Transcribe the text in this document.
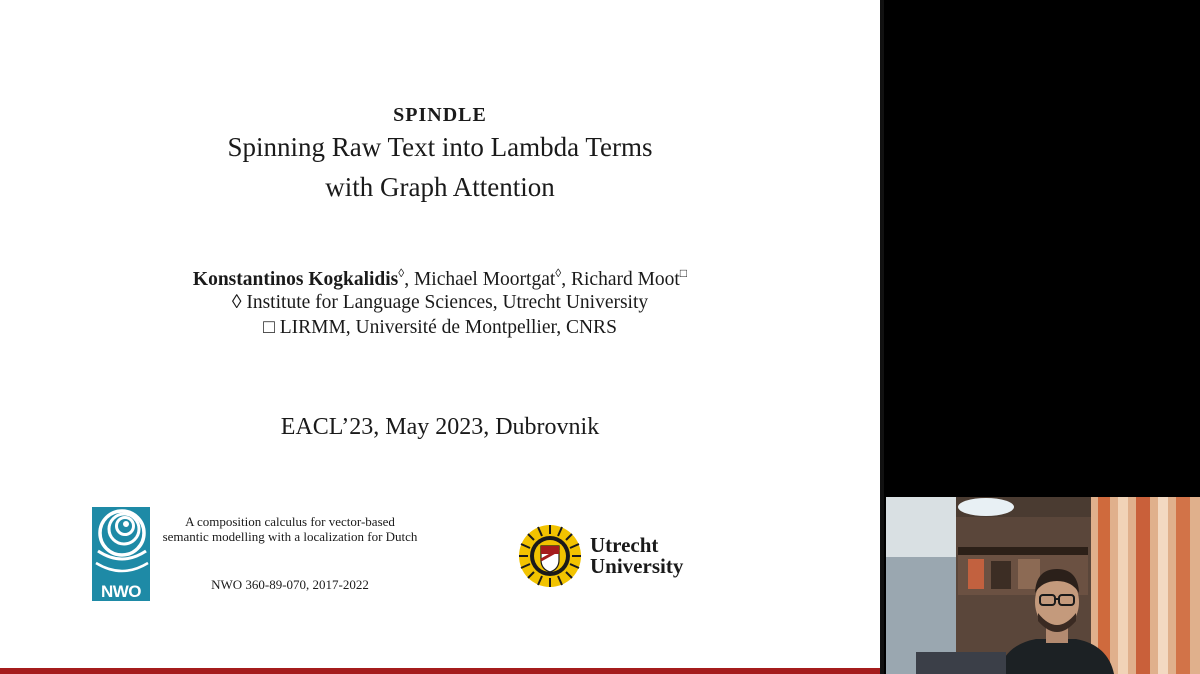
SPINDLE
Spinning Raw Text into Lambda Terms
with Graph Attention
Konstantinos Kogkalidis◊, Michael Moortgat◊, Richard Moot□
◊ Institute for Language Sciences, Utrecht University
□ LIRMM, Université de Montpellier, CNRS
EACL’23, May 2023, Dubrovnik
NWO
A composition calculus for vector-based semantic modelling with a localization for Dutch
NWO 360-89-070, 2017-2022
Utrecht
University
